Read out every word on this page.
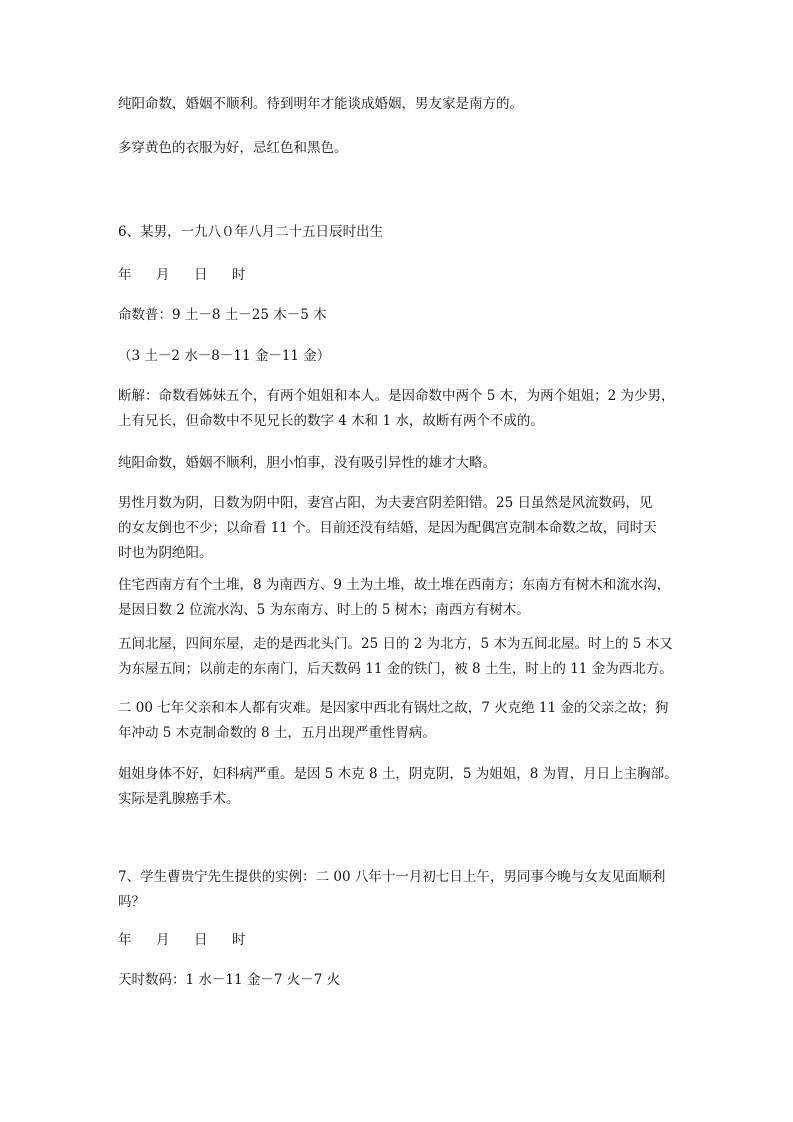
纯阳命数，婚姻不顺利。待到明年才能谈成婚姻，男友家是南方的。

多穿黄色的衣服为好，忌红色和黑色。

6、某男，一九八０年八月二十五日辰时出生

年 月 日 时

命数普：9 土－8 土－25 木－5 木

（3 土－2 水－8－11 金－11 金）

断解：命数看姊妹五个，有两个姐姐和本人。是因命数中两个 5 木，为两个姐姐；2 为少男，
上有兄长，但命数中不见兄长的数字 4 木和 1 水，故断有两个不成的。

纯阳命数，婚姻不顺利，胆小怕事，没有吸引异性的雄才大略。

男性月数为阴，日数为阴中阳，妻宫占阳，为夫妻宫阴差阳错。25 日虽然是风流数码，见
的女友倒也不少；以命看 11 个。目前还没有结婚，是因为配偶宫克制本命数之故，同时天
时也为阴绝阳。

住宅西南方有个土堆，8 为南西方、9 土为土堆，故土堆在西南方；东南方有树木和流水沟，
是因日数 2 位流水沟、5 为东南方、时上的 5 树木；南西方有树木。

五间北屋，四间东屋，走的是西北头门。25 日的 2 为北方，5 木为五间北屋。时上的 5 木又
为东屋五间；以前走的东南门，后天数码 11 金的铁门，被 8 土生，时上的 11 金为西北方。

二 00 七年父亲和本人都有灾难。是因家中西北有锅灶之故，7 火克绝 11 金的父亲之故；狗
年冲动 5 木克制命数的 8 土，五月出现严重性胃病。

姐姐身体不好，妇科病严重。是因 5 木克 8 土，阴克阴，5 为姐姐，8 为胃，月日上主胸部。
实际是乳腺癌手术。

7、学生曹贵宁先生提供的实例：二 00 八年十一月初七日上午，男同事今晚与女友见面顺利
吗？

年 月 日 时

天时数码：1 水－11 金－7 火－7 火
